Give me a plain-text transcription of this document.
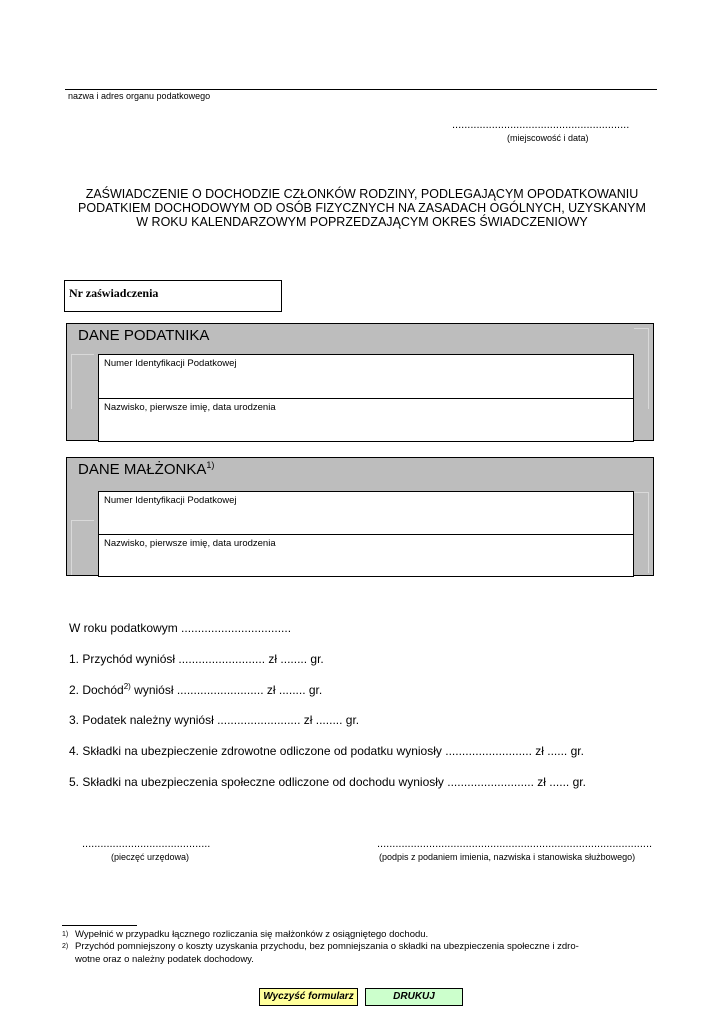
nazwa i adres organu podatkowego
..........................................................
(miejscowość i data)
ZAŚWIADCZENIE O DOCHODZIE CZŁONKÓW RODZINY, PODLEGAJĄCYM OPODATKOWANIU
PODATKIEM DOCHODOWYM OD OSÓB FIZYCZNYCH NA ZASADACH OGÓLNYCH, UZYSKANYM
W ROKU KALENDARZOWYM POPRZEDZAJĄCYM OKRES ŚWIADCZENIOWY
Nr zaświadczenia
DANE PODATNIKA
Numer Identyfikacji Podatkowej
Nazwisko, pierwsze imię, data urodzenia
DANE MAŁŻONKA$^{1)}$
Numer Identyfikacji Podatkowej
Nazwisko, pierwsze imię, data urodzenia
W roku podatkowym .................................
1. Przychód wyniósł .......................... zł ........ gr.
2. Dochód$^{2)}$ wyniósł .......................... zł ........ gr.
3. Podatek należny wyniósł ......................... zł ........ gr.
4. Składki na ubezpieczenie zdrowotne odliczone od podatku wyniosły .......................... zł ...... gr.
5. Składki na ubezpieczenia społeczne odliczone od dochodu wyniosły .......................... zł ...... gr.
..........................................
(pieczęć urzędowa)
..........................................................................................
(podpis z podaniem imienia, nazwiska i stanowiska służbowego)
$^{1)}$ Wypełnić w przypadku łącznego rozliczania się małżonków z osiągniętego dochodu.
$^{2)}$ Przychód pomniejszony o koszty uzyskania przychodu, bez pomniejszania o składki na ubezpieczenia społeczne i zdro-
wotne oraz o należny podatek dochodowy.
Wyczyść formularz	DRUKUJ
